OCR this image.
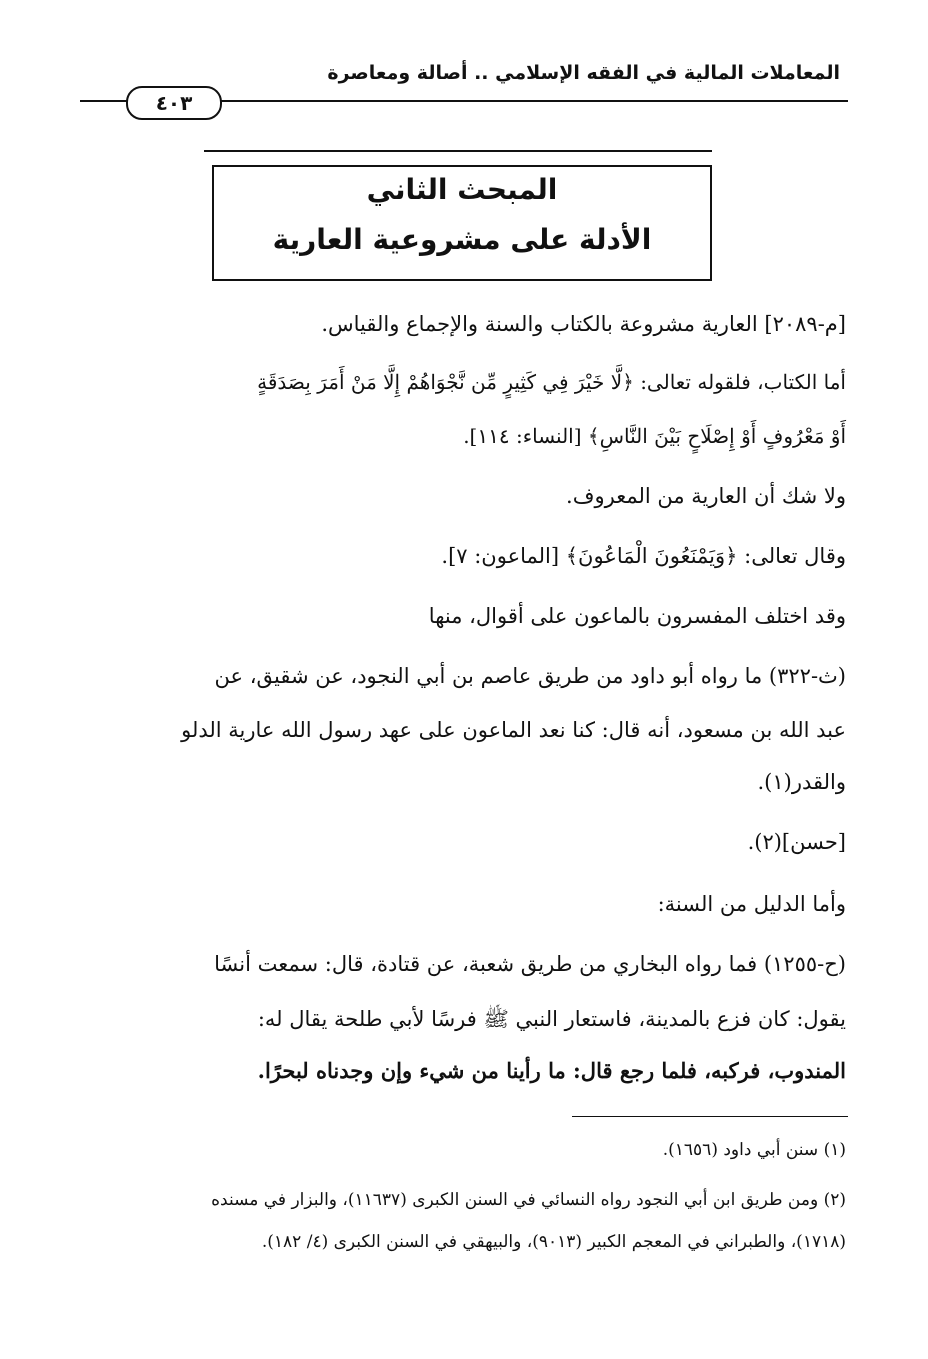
المعاملات المالية في الفقه الإسلامي .. أصالة ومعاصرة
٤٠٣
المبحث الثاني
الأدلة على مشروعية العارية
[م-٢٠٨٩] العارية مشروعة بالكتاب والسنة والإجماع والقياس.
أما الكتاب، فلقوله تعالى: ﴿لَّا خَيْرَ فِي كَثِيرٍ مِّن نَّجْوَاهُمْ إِلَّا مَنْ أَمَرَ بِصَدَقَةٍ
أَوْ مَعْرُوفٍ أَوْ إِصْلَاحٍ بَيْنَ النَّاسِ﴾ [النساء: ١١٤].
ولا شك أن العارية من المعروف.
وقال تعالى: ﴿وَيَمْنَعُونَ الْمَاعُونَ﴾ [الماعون: ٧].
وقد اختلف المفسرون بالماعون على أقوال، منها
(ث-٣٢٢) ما رواه أبو داود من طريق عاصم بن أبي النجود، عن شقيق، عن
عبد الله بن مسعود، أنه قال: كنا نعد الماعون على عهد رسول الله عارية الدلو
والقدر(١).
[حسن](٢).
وأما الدليل من السنة:
(ح-١٢٥٥) فما رواه البخاري من طريق شعبة، عن قتادة، قال: سمعت أنسًا
يقول: كان فزع بالمدينة، فاستعار النبي ﷺ فرسًا لأبي طلحة يقال له:
المندوب، فركبه، فلما رجع قال: ما رأينا من شيء وإن وجدناه لبحرًا.
(١) سنن أبي داود (١٦٥٦).
(٢) ومن طريق ابن أبي النجود رواه النسائي في السنن الكبرى (١١٦٣٧)، والبزار في مسنده
(١٧١٨)، والطبراني في المعجم الكبير (٩٠١٣)، والبيهقي في السنن الكبرى (٤/ ١٨٢).
